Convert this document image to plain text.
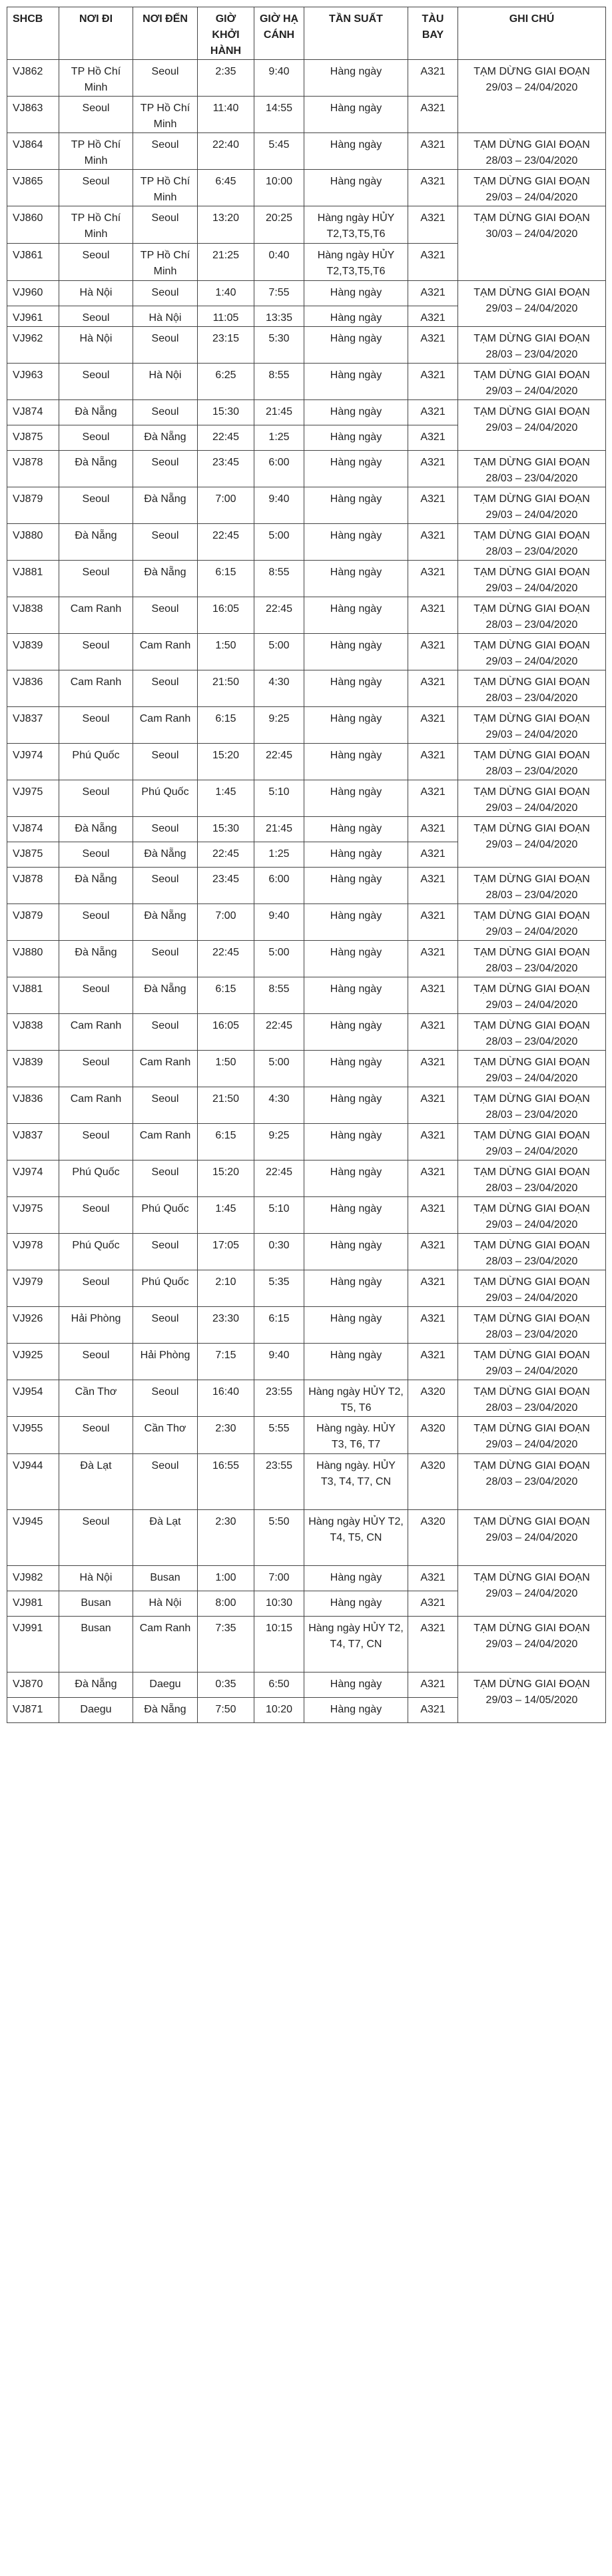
SHCB	NƠI ĐI	NƠI ĐẾN	GIỜ KHỞI HÀNH	GIỜ HẠ CÁNH	TẦN SUẤT	TÀU BAY	GHI CHÚ
VJ862	TP Hồ Chí Minh	Seoul	2:35	9:40	Hàng ngày	A321	TẠM DỪNG GIAI ĐOẠN 29/03 – 24/04/2020
VJ863	Seoul	TP Hồ Chí Minh	11:40	14:55	Hàng ngày	A321	
VJ864	TP Hồ Chí Minh	Seoul	22:40	5:45	Hàng ngày	A321	TẠM DỪNG GIAI ĐOẠN 28/03 – 23/04/2020
VJ865	Seoul	TP Hồ Chí Minh	6:45	10:00	Hàng ngày	A321	TẠM DỪNG GIAI ĐOẠN 29/03 – 24/04/2020
VJ860	TP Hồ Chí Minh	Seoul	13:20	20:25	Hàng ngày HỦY T2,T3,T5,T6	A321	TẠM DỪNG GIAI ĐOẠN 30/03 – 24/04/2020
VJ861	Seoul	TP Hồ Chí Minh	21:25	0:40	Hàng ngày HỦY T2,T3,T5,T6	A321	
VJ960	Hà Nội	Seoul	1:40	7:55	Hàng ngày	A321	TẠM DỪNG GIAI ĐOẠN 29/03 – 24/04/2020
VJ961	Seoul	Hà Nội	11:05	13:35	Hàng ngày	A321	
VJ962	Hà Nội	Seoul	23:15	5:30	Hàng ngày	A321	TẠM DỪNG GIAI ĐOẠN 28/03 – 23/04/2020
VJ963	Seoul	Hà Nội	6:25	8:55	Hàng ngày	A321	TẠM DỪNG GIAI ĐOẠN 29/03 – 24/04/2020
VJ874	Đà Nẵng	Seoul	15:30	21:45	Hàng ngày	A321	TẠM DỪNG GIAI ĐOẠN 29/03 – 24/04/2020
VJ875	Seoul	Đà Nẵng	22:45	1:25	Hàng ngày	A321	
VJ878	Đà Nẵng	Seoul	23:45	6:00	Hàng ngày	A321	TẠM DỪNG GIAI ĐOẠN 28/03 – 23/04/2020
VJ879	Seoul	Đà Nẵng	7:00	9:40	Hàng ngày	A321	TẠM DỪNG GIAI ĐOẠN 29/03 – 24/04/2020
VJ880	Đà Nẵng	Seoul	22:45	5:00	Hàng ngày	A321	TẠM DỪNG GIAI ĐOẠN 28/03 – 23/04/2020
VJ881	Seoul	Đà Nẵng	6:15	8:55	Hàng ngày	A321	TẠM DỪNG GIAI ĐOẠN 29/03 – 24/04/2020
VJ838	Cam Ranh	Seoul	16:05	22:45	Hàng ngày	A321	TẠM DỪNG GIAI ĐOẠN 28/03 – 23/04/2020
VJ839	Seoul	Cam Ranh	1:50	5:00	Hàng ngày	A321	TẠM DỪNG GIAI ĐOẠN 29/03 – 24/04/2020
VJ836	Cam Ranh	Seoul	21:50	4:30	Hàng ngày	A321	TẠM DỪNG GIAI ĐOẠN 28/03 – 23/04/2020
VJ837	Seoul	Cam Ranh	6:15	9:25	Hàng ngày	A321	TẠM DỪNG GIAI ĐOẠN 29/03 – 24/04/2020
VJ974	Phú Quốc	Seoul	15:20	22:45	Hàng ngày	A321	TẠM DỪNG GIAI ĐOẠN 28/03 – 23/04/2020
VJ975	Seoul	Phú Quốc	1:45	5:10	Hàng ngày	A321	TẠM DỪNG GIAI ĐOẠN 29/03 – 24/04/2020
VJ874	Đà Nẵng	Seoul	15:30	21:45	Hàng ngày	A321	TẠM DỪNG GIAI ĐOẠN 29/03 – 24/04/2020
VJ875	Seoul	Đà Nẵng	22:45	1:25	Hàng ngày	A321	
VJ878	Đà Nẵng	Seoul	23:45	6:00	Hàng ngày	A321	TẠM DỪNG GIAI ĐOẠN 28/03 – 23/04/2020
VJ879	Seoul	Đà Nẵng	7:00	9:40	Hàng ngày	A321	TẠM DỪNG GIAI ĐOẠN 29/03 – 24/04/2020
VJ880	Đà Nẵng	Seoul	22:45	5:00	Hàng ngày	A321	TẠM DỪNG GIAI ĐOẠN 28/03 – 23/04/2020
VJ881	Seoul	Đà Nẵng	6:15	8:55	Hàng ngày	A321	TẠM DỪNG GIAI ĐOẠN 29/03 – 24/04/2020
VJ838	Cam Ranh	Seoul	16:05	22:45	Hàng ngày	A321	TẠM DỪNG GIAI ĐOẠN 28/03 – 23/04/2020
VJ839	Seoul	Cam Ranh	1:50	5:00	Hàng ngày	A321	TẠM DỪNG GIAI ĐOẠN 29/03 – 24/04/2020
VJ836	Cam Ranh	Seoul	21:50	4:30	Hàng ngày	A321	TẠM DỪNG GIAI ĐOẠN 28/03 – 23/04/2020
VJ837	Seoul	Cam Ranh	6:15	9:25	Hàng ngày	A321	TẠM DỪNG GIAI ĐOẠN 29/03 – 24/04/2020
VJ974	Phú Quốc	Seoul	15:20	22:45	Hàng ngày	A321	TẠM DỪNG GIAI ĐOẠN 28/03 – 23/04/2020
VJ975	Seoul	Phú Quốc	1:45	5:10	Hàng ngày	A321	TẠM DỪNG GIAI ĐOẠN 29/03 – 24/04/2020
VJ978	Phú Quốc	Seoul	17:05	0:30	Hàng ngày	A321	TẠM DỪNG GIAI ĐOẠN 28/03 – 23/04/2020
VJ979	Seoul	Phú Quốc	2:10	5:35	Hàng ngày	A321	TẠM DỪNG GIAI ĐOẠN 29/03 – 24/04/2020
VJ926	Hải Phòng	Seoul	23:30	6:15	Hàng ngày	A321	TẠM DỪNG GIAI ĐOẠN 28/03 – 23/04/2020
VJ925	Seoul	Hải Phòng	7:15	9:40	Hàng ngày	A321	TẠM DỪNG GIAI ĐOẠN 29/03 – 24/04/2020
VJ954	Cần Thơ	Seoul	16:40	23:55	Hàng ngày HỦY T2, T5, T6	A320	TẠM DỪNG GIAI ĐOẠN 28/03 – 23/04/2020
VJ955	Seoul	Cần Thơ	2:30	5:55	Hàng ngày. HỦY T3, T6, T7	A320	TẠM DỪNG GIAI ĐOẠN 29/03 – 24/04/2020
VJ944	Đà Lạt	Seoul	16:55	23:55	Hàng ngày. HỦY T3, T4, T7, CN	A320	TẠM DỪNG GIAI ĐOẠN 28/03 – 23/04/2020
VJ945	Seoul	Đà Lạt	2:30	5:50	Hàng ngày HỦY T2, T4, T5, CN	A320	TẠM DỪNG GIAI ĐOẠN 29/03 – 24/04/2020
VJ982	Hà Nội	Busan	1:00	7:00	Hàng ngày	A321	TẠM DỪNG GIAI ĐOẠN 29/03 – 24/04/2020
VJ981	Busan	Hà Nội	8:00	10:30	Hàng ngày	A321	
VJ991	Busan	Cam Ranh	7:35	10:15	Hàng ngày HỦY T2, T4, T7, CN	A321	TẠM DỪNG GIAI ĐOẠN 29/03 – 24/04/2020
VJ870	Đà Nẵng	Daegu	0:35	6:50	Hàng ngày	A321	TẠM DỪNG GIAI ĐOẠN 29/03 – 14/05/2020
VJ871	Daegu	Đà Nẵng	7:50	10:20	Hàng ngày	A321	
